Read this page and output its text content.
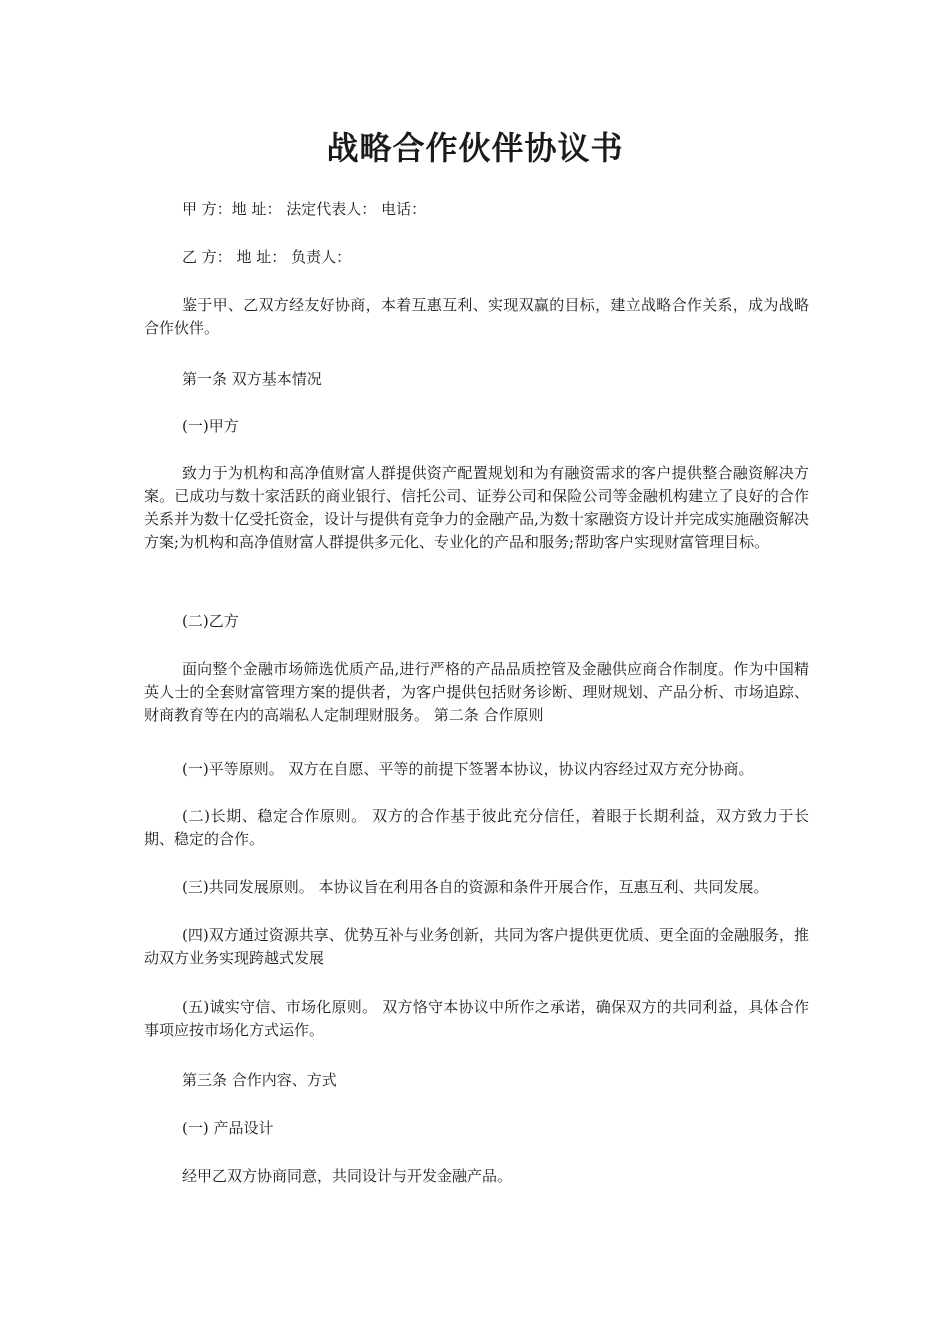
战略合作伙伴协议书

甲 方：地 址： 法定代表人： 电话：

乙 方： 地 址： 负责人：

鉴于甲、乙双方经友好协商，本着互惠互利、实现双赢的目标，建立战略合作关系，成为战略合作伙伴。

第一条 双方基本情况

(一)甲方

致力于为机构和高净值财富人群提供资产配置规划和为有融资需求的客户提供整合融资解决方案。已成功与数十家活跃的商业银行、信托公司、证券公司和保险公司等金融机构建立了良好的合作关系并为数十亿受托资金，设计与提供有竞争力的金融产品,为数十家融资方设计并完成实施融资解决方案;为机构和高净值财富人群提供多元化、专业化的产品和服务;帮助客户实现财富管理目标。

(二)乙方

面向整个金融市场筛选优质产品,进行严格的产品品质控管及金融供应商合作制度。作为中国精英人士的全套财富管理方案的提供者，为客户提供包括财务诊断、理财规划、产品分析、市场追踪、财商教育等在内的高端私人定制理财服务。 第二条 合作原则

(一)平等原则。 双方在自愿、平等的前提下签署本协议，协议内容经过双方充分协商。

(二)长期、稳定合作原则。 双方的合作基于彼此充分信任，着眼于长期利益，双方致力于长期、稳定的合作。

(三)共同发展原则。 本协议旨在利用各自的资源和条件开展合作，互惠互利、共同发展。

(四)双方通过资源共享、优势互补与业务创新，共同为客户提供更优质、更全面的金融服务，推动双方业务实现跨越式发展

(五)诚实守信、市场化原则。 双方恪守本协议中所作之承诺，确保双方的共同利益，具体合作事项应按市场化方式运作。

第三条 合作内容、方式

(一) 产品设计

经甲乙双方协商同意，共同设计与开发金融产品。
